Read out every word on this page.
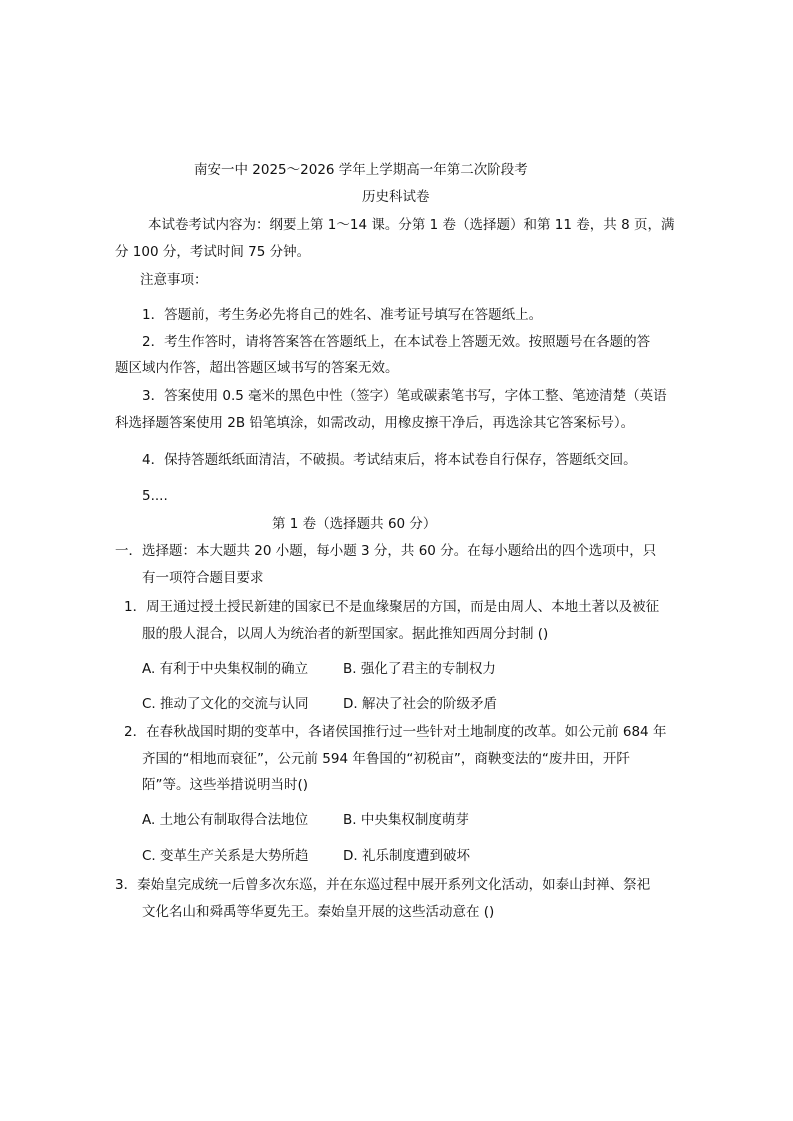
南安一中 2025～2026 学年上学期高一年第二次阶段考
历史科试卷
本试卷考试内容为：纲要上第 1～14 课。分第 1 卷（选择题）和第 11 卷，共 8 页，满
分 100 分，考试时间 75 分钟。
注意事项：
1．答题前，考生务必先将自己的姓名、准考证号填写在答题纸上。
2．考生作答时，请将答案答在答题纸上，在本试卷上答题无效。按照题号在各题的答
题区域内作答，超出答题区域书写的答案无效。
3．答案使用 0.5 毫米的黑色中性（签字）笔或碳素笔书写，字体工整、笔迹清楚（英语
科选择题答案使用 2B 铅笔填涂，如需改动，用橡皮擦干净后，再选涂其它答案标号）。
4．保持答题纸纸面清洁，不破损。考试结束后，将本试卷自行保存，答题纸交回。
5....
第 1 卷（选择题共 60 分）
一．选择题：本大题共 20 小题，每小题 3 分，共 60 分。在每小题给出的四个选项中，只
有一项符合题目要求
1．周王通过授土授民新建的国家已不是血缘聚居的方国，而是由周人、本地土著以及被征
服的殷人混合，以周人为统治者的新型国家。据此推知西周分封制 ()
A. 有利于中央集权制的确立	B. 强化了君主的专制权力
C. 推动了文化的交流与认同	D. 解决了社会的阶级矛盾
2．在春秋战国时期的变革中，各诸侯国推行过一些针对土地制度的改革。如公元前 684 年
齐国的“相地而衰征”，公元前 594 年鲁国的“初税亩”，商鞅变法的“废井田，开阡
陌”等。这些举措说明当时()
A. 土地公有制取得合法地位	B. 中央集权制度萌芽
C. 变革生产关系是大势所趋	D. 礼乐制度遭到破坏
3．秦始皇完成统一后曾多次东巡，并在东巡过程中展开系列文化活动，如泰山封禅、祭祀
文化名山和舜禹等华夏先王。秦始皇开展的这些活动意在 ()
